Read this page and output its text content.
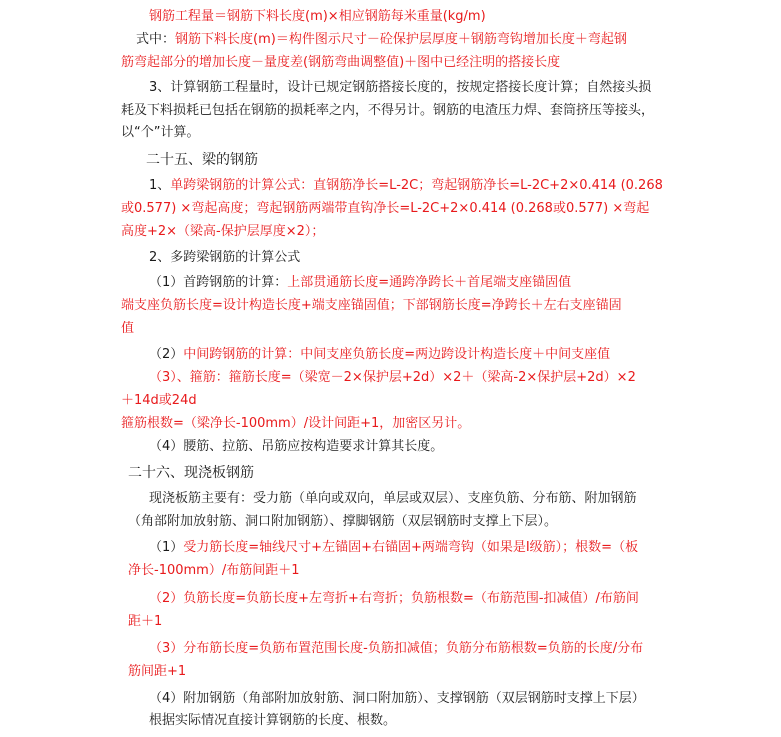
钢筋工程量＝钢筋下料长度(m)×相应钢筋每米重量(kg/m)
式中：钢筋下料长度(m)＝构件图示尺寸－砼保护层厚度＋钢筋弯钩增加长度＋弯起钢
筋弯起部分的增加长度－量度差(钢筋弯曲调整值)＋图中已经注明的搭接长度
3、计算钢筋工程量时，设计已规定钢筋搭接长度的，按规定搭接长度计算；自然接头损
耗及下料损耗已包括在钢筋的损耗率之内，不得另计。钢筋的电渣压力焊、套筒挤压等接头，
以“个”计算。
二十五、梁的钢筋
1、单跨梁钢筋的计算公式：直钢筋净长=L-2C；弯起钢筋净长=L-2C+2×0.414 (0.268
或0.577) ×弯起高度；弯起钢筋两端带直钩净长=L-2C+2×0.414 (0.268或0.577) ×弯起
高度+2×（梁高-保护层厚度×2）；
2、多跨梁钢筋的计算公式
（1）首跨钢筋的计算：上部贯通筋长度=通跨净跨长＋首尾端支座锚固值
端支座负筋长度=设计构造长度+端支座锚固值；下部钢筋长度=净跨长＋左右支座锚固
值
（2）中间跨钢筋的计算：中间支座负筋长度=两边跨设计构造长度＋中间支座值
（3）、箍筋：箍筋长度=（梁宽－2×保护层+2d）×2＋（梁高-2×保护层+2d）×2
＋14d或24d
箍筋根数=（梁净长-100mm）/设计间距+1，加密区另计。
（4）腰筋、拉筋、吊筋应按构造要求计算其长度。
二十六、现浇板钢筋
现浇板筋主要有：受力筋（单向或双向，单层或双层）、支座负筋、分布筋、附加钢筋
（角部附加放射筋、洞口附加钢筋）、撑脚钢筋（双层钢筋时支撑上下层）。
（1）受力筋长度=轴线尺寸+左锚固+右锚固+两端弯钩（如果是Ⅰ级筋）；根数=（板
净长-100mm）/布筋间距＋1
（2）负筋长度=负筋长度+左弯折+右弯折；负筋根数=（布筋范围-扣减值）/布筋间
距＋1
（3）分布筋长度=负筋布置范围长度-负筋扣减值；负筋分布筋根数=负筋的长度/分布
筋间距+1
（4）附加钢筋（角部附加放射筋、洞口附加筋）、支撑钢筋（双层钢筋时支撑上下层）
根据实际情况直接计算钢筋的长度、根数。
